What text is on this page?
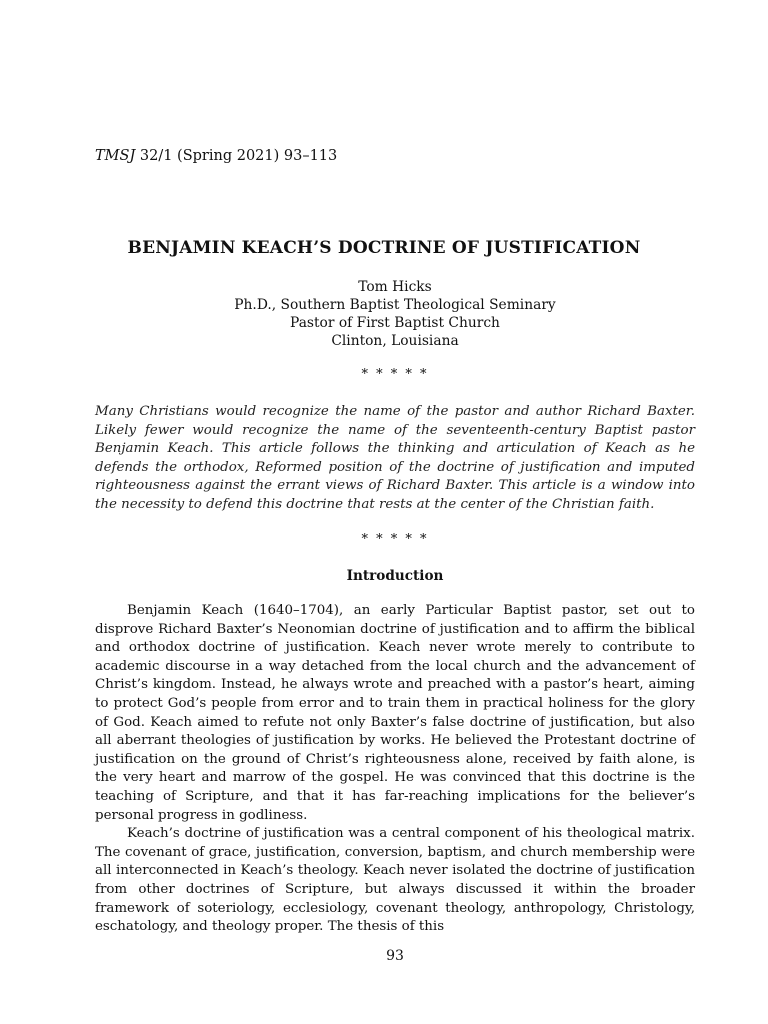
TMSJ 32/1 (Spring 2021) 93–113
BENJAMIN KEACH’S DOCTRINE OF JUSTIFICATION
Tom Hicks
Ph.D., Southern Baptist Theological Seminary
Pastor of First Baptist Church
Clinton, Louisiana
* * * * *
Many Christians would recognize the name of the pastor and author Richard Baxter. Likely fewer would recognize the name of the seventeenth-century Baptist pastor Benjamin Keach. This article follows the thinking and articulation of Keach as he defends the orthodox, Reformed position of the doctrine of justification and imputed righteousness against the errant views of Richard Baxter. This article is a window into the necessity to defend this doctrine that rests at the center of the Christian faith.
* * * * *
Introduction

Benjamin Keach (1640–1704), an early Particular Baptist pastor, set out to disprove Richard Baxter’s Neonomian doctrine of justification and to affirm the biblical and orthodox doctrine of justification. Keach never wrote merely to contribute to academic discourse in a way detached from the local church and the advancement of Christ’s kingdom. Instead, he always wrote and preached with a pastor’s heart, aiming to protect God’s people from error and to train them in practical holiness for the glory of God. Keach aimed to refute not only Baxter’s false doctrine of justification, but also all aberrant theologies of justification by works. He believed the Protestant doctrine of justification on the ground of Christ’s righteousness alone, received by faith alone, is the very heart and marrow of the gospel. He was convinced that this doctrine is the teaching of Scripture, and that it has far-reaching implications for the believer’s personal progress in godliness.

Keach’s doctrine of justification was a central component of his theological matrix. The covenant of grace, justification, conversion, baptism, and church membership were all interconnected in Keach’s theology. Keach never isolated the doctrine of justification from other doctrines of Scripture, but always discussed it within the broader framework of soteriology, ecclesiology, covenant theology, anthropology, Christology, eschatology, and theology proper. The thesis of this

93
